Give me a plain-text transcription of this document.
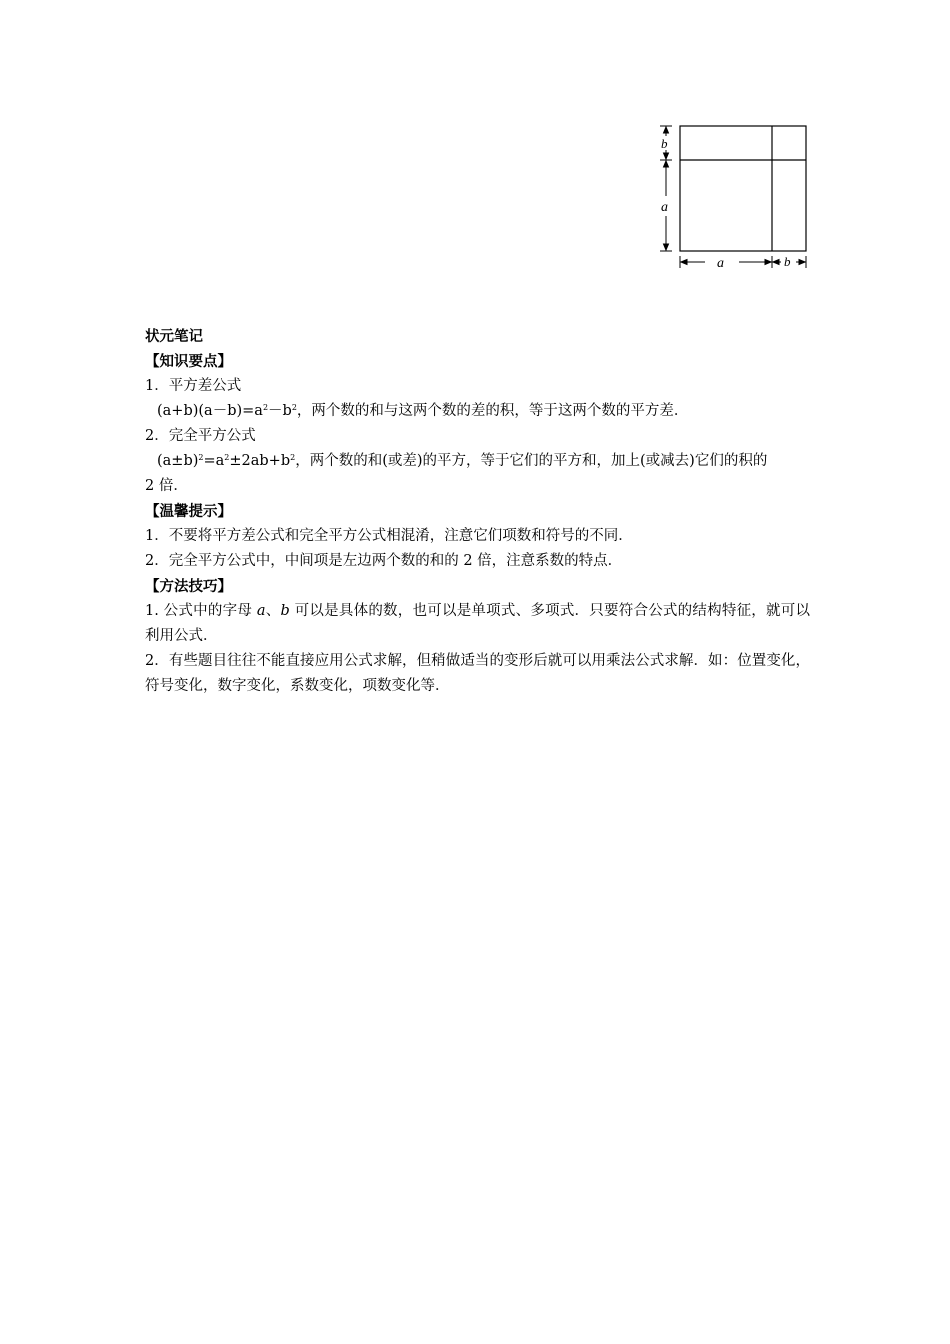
b
a
a	b
状元笔记
【知识要点】
1．平方差公式
$(a+b)(a-b)=a^2-b^2$，两个数的和与这两个数的差的积，等于这两个数的平方差．
2．完全平方公式
$(a\pm b)^2=a^2\pm 2ab+b^2$，两个数的和(或差)的平方，等于它们的平方和，加上(或减去)它们的积的
2 倍．
【温馨提示】
1．不要将平方差公式和完全平方公式相混淆，注意它们项数和符号的不同．
2．完全平方公式中，中间项是左边两个数的和的 2 倍，注意系数的特点．
【方法技巧】
1. 公式中的字母 a、b 可以是具体的数，也可以是单项式、多项式．只要符合公式的结构特征，就可以利用公式．
2．有些题目往往不能直接应用公式求解，但稍做适当的变形后就可以用乘法公式求解．如：位置变化，符号变化，数字变化，系数变化，项数变化等．
